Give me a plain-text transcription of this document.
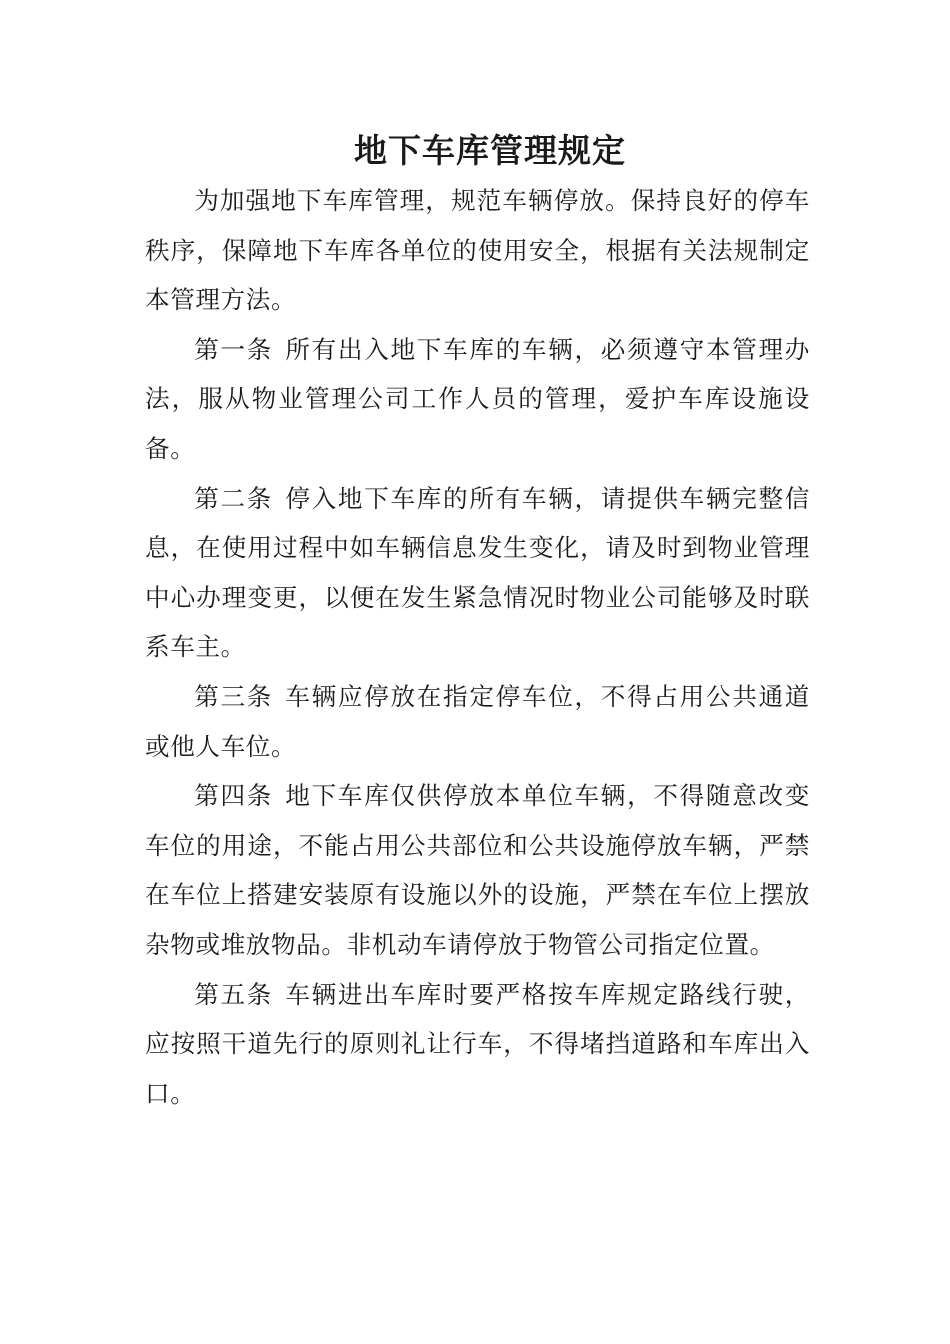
地下车库管理规定

为加强地下车库管理，规范车辆停放。保持良好的停车秩序，保障地下车库各单位的使用安全，根据有关法规制定本管理方法。

第一条 所有出入地下车库的车辆，必须遵守本管理办法，服从物业管理公司工作人员的管理，爱护车库设施设备。

第二条 停入地下车库的所有车辆，请提供车辆完整信息，在使用过程中如车辆信息发生变化，请及时到物业管理中心办理变更，以便在发生紧急情况时物业公司能够及时联系车主。

第三条 车辆应停放在指定停车位，不得占用公共通道或他人车位。

第四条 地下车库仅供停放本单位车辆，不得随意改变车位的用途，不能占用公共部位和公共设施停放车辆，严禁在车位上搭建安装原有设施以外的设施，严禁在车位上摆放杂物或堆放物品。非机动车请停放于物管公司指定位置。

第五条 车辆进出车库时要严格按车库规定路线行驶，应按照干道先行的原则礼让行车，不得堵挡道路和车库出入口。
